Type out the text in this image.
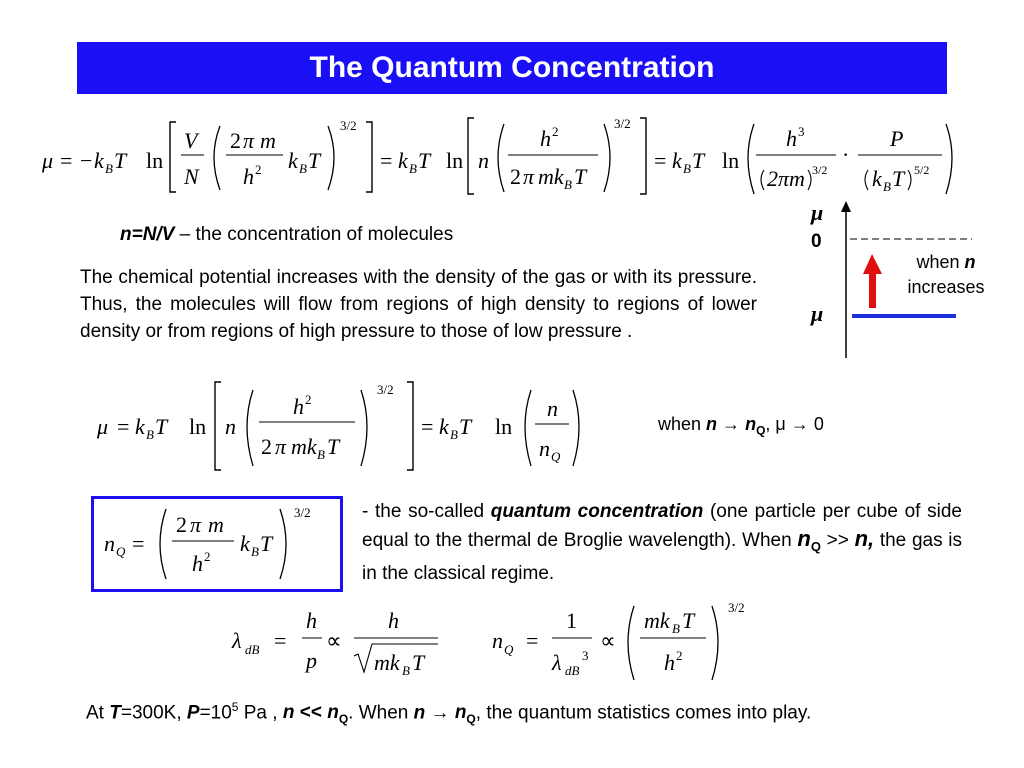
The Quantum Concentration
μ = − k B T ln
V
N
2 π m
h 2 k B T
3/2
= k B T ln n
h 2
2 π mk B T
3/2
= k B T ln
h 3
2πm 3/2
·
P
k B T 5/2
n=N/V – the concentration of molecules
The chemical potential increases with the density of the gas or with its pressure. Thus, the molecules will flow from regions of high density to regions of lower density or from regions of high pressure to those of low pressure .
μ
0
μ
when n
increases
μ = k B T ln n
h 2
2 π mk B T
3/2
= k B T ln
n
n Q
when $n \to n_Q$, μ → 0
n Q =
2 π m
h 2
k B T
3/2	- the so-called quantum concentration (one particle per cube of side equal to the thermal de Broglie wavelength). When $n_Q >> n$, the gas is in the classical regime.
λ dB =
h
p
∝
h
mk B T
n Q =
1
λ dB
3
∝
mk B T
h 2
3/2
At T=300K, $P=10^5$ Pa , $n << n_Q$. When $n \to n_Q$, the quantum statistics comes into play.
